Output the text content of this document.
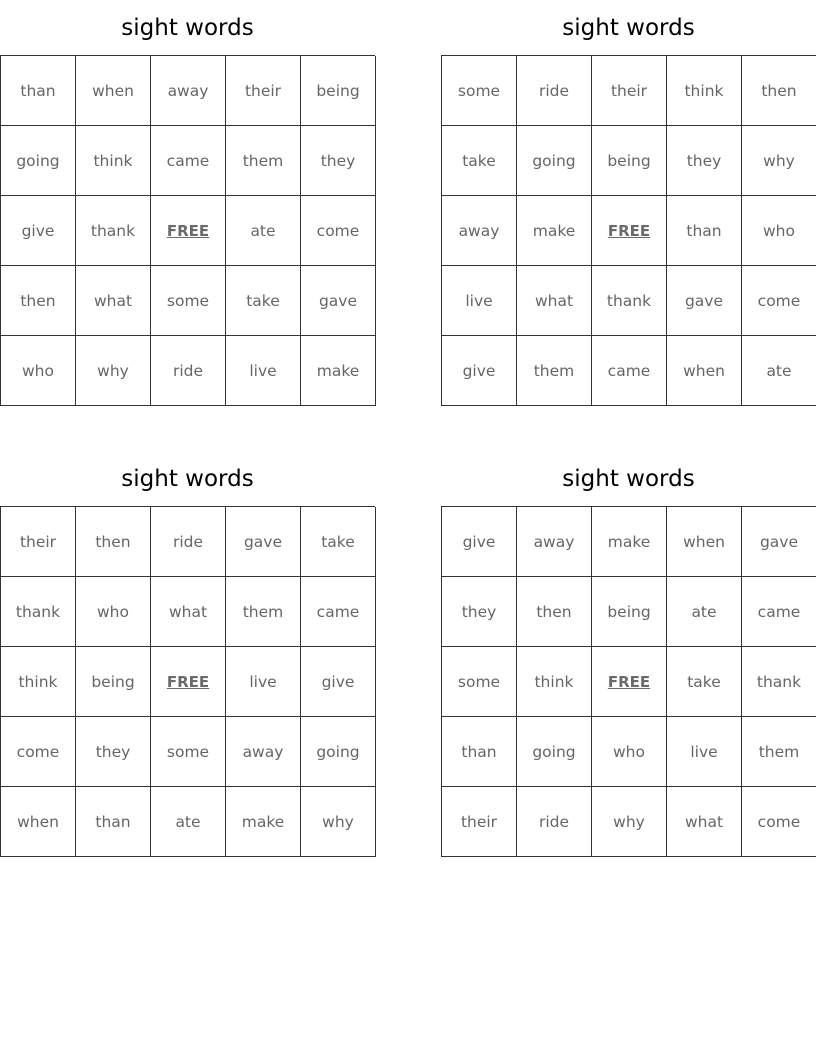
sight words
than	when	away	their	being
going	think	came	them	they
give	thank	FREE	ate	come
then	what	some	take	gave
who	why	ride	live	make
sight words
some	ride	their	think	then
take	going	being	they	why
away	make	FREE	than	who
live	what	thank	gave	come
give	them	came	when	ate
sight words
their	then	ride	gave	take
thank	who	what	them	came
think	being	FREE	live	give
come	they	some	away	going
when	than	ate	make	why
sight words
give	away	make	when	gave
they	then	being	ate	came
some	think	FREE	take	thank
than	going	who	live	them
their	ride	why	what	come
